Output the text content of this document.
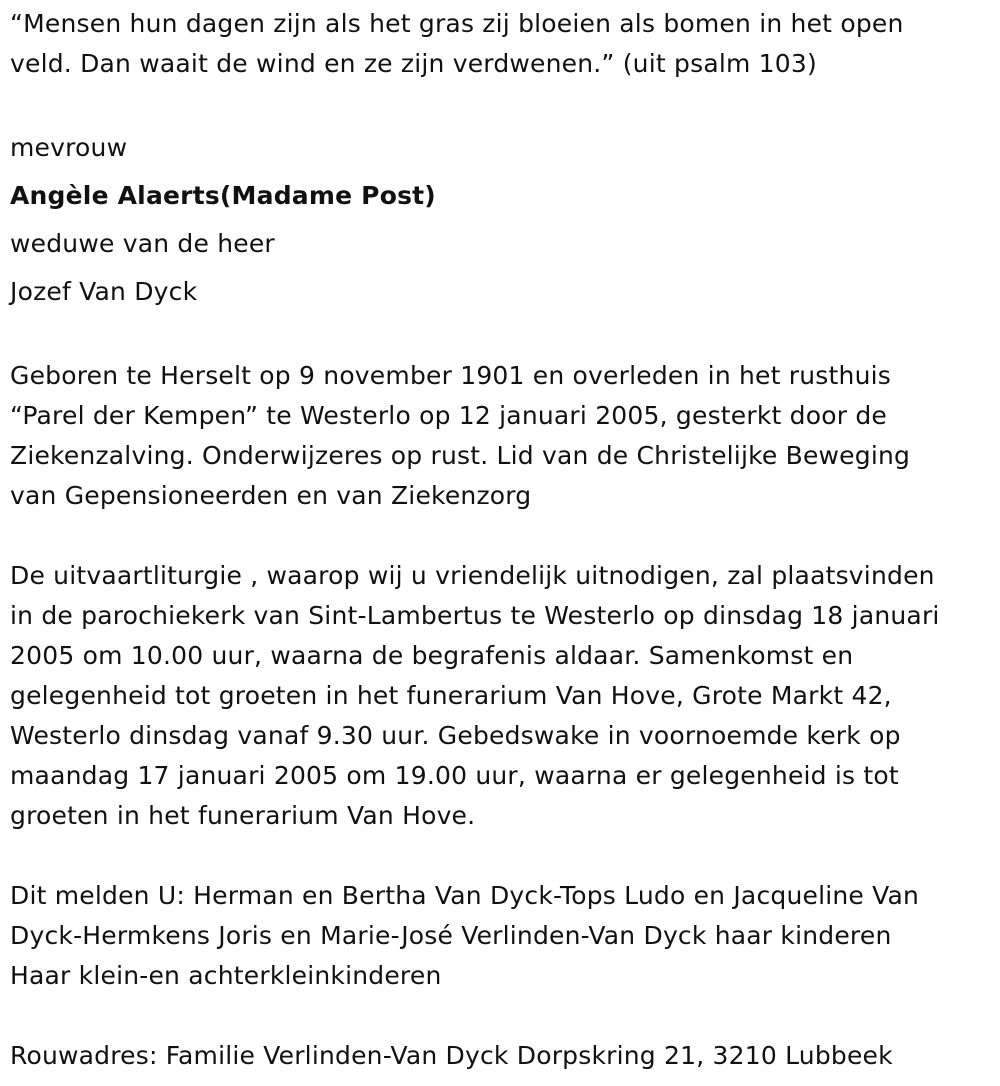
“Mensen hun dagen zijn als het gras zij bloeien als bomen in het open
veld. Dan waait de wind en ze zijn verdwenen.” (uit psalm 103)
mevrouw
Angèle Alaerts(Madame Post)
weduwe van de heer
Jozef Van Dyck
Geboren te Herselt op 9 november 1901 en overleden in het rusthuis
“Parel der Kempen” te Westerlo op 12 januari 2005, gesterkt door de
Ziekenzalving. Onderwijzeres op rust. Lid van de Christelijke Beweging
van Gepensioneerden en van Ziekenzorg
De uitvaartliturgie , waarop wij u vriendelijk uitnodigen, zal plaatsvinden
in de parochiekerk van Sint-Lambertus te Westerlo op dinsdag 18 januari
2005 om 10.00 uur, waarna de begrafenis aldaar. Samenkomst en
gelegenheid tot groeten in het funerarium Van Hove, Grote Markt 42,
Westerlo dinsdag vanaf 9.30 uur. Gebedswake in voornoemde kerk op
maandag 17 januari 2005 om 19.00 uur, waarna er gelegenheid is tot
groeten in het funerarium Van Hove.
Dit melden U: Herman en Bertha Van Dyck-Tops Ludo en Jacqueline Van
Dyck-Hermkens Joris en Marie-José Verlinden-Van Dyck haar kinderen
Haar klein-en achterkleinkinderen
Rouwadres: Familie Verlinden-Van Dyck Dorpskring 21, 3210 Lubbeek
